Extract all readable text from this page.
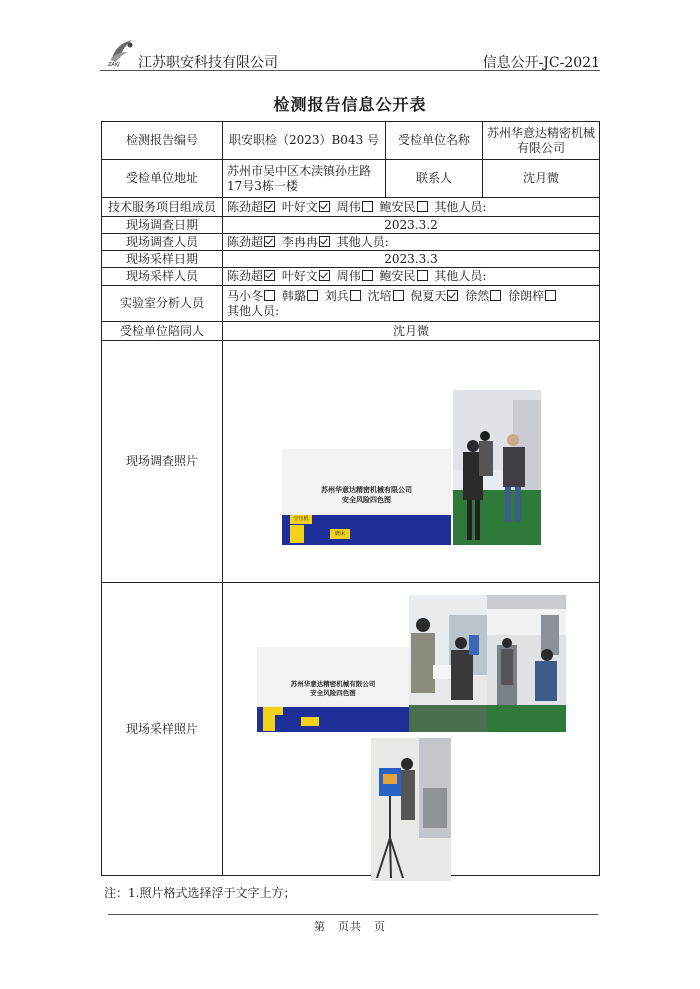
ZAKJ 江苏职安科技有限公司	信息公开-JC-2021
检测报告信息公开表
检测报告编号	职安职检（2023）B043 号	受检单位名称	苏州华意达精密机械有限公司
受检单位地址	苏州市吴中区木渎镇孙庄路17号3栋一楼	联系人	沈月微
技术服务项目组成员	陈劲超 叶好文 周伟 鲍安民 其他人员:		
现场调查日期	2023.3.2		
现场调查人员	陈劲超 李冉冉 其他人员:		
现场采样日期	2023.3.3		
现场采样人员	陈劲超 叶好文 周伟 鲍安民 其他人员:		
实验室分析人员	马小冬 韩璐 刘兵 沈培 倪夏天 徐然 徐朗梓
其他人员:		
受检单位陪同人	沈月微		
现场调查照片			
现场采样照片			
苏州华意达精密机械有限公司
安全风险四色图
空压机
磨床
苏州华意达精密机械有限公司
安全风险四色图
注：1.照片格式选择浮于文字上方；
第　页共　页
